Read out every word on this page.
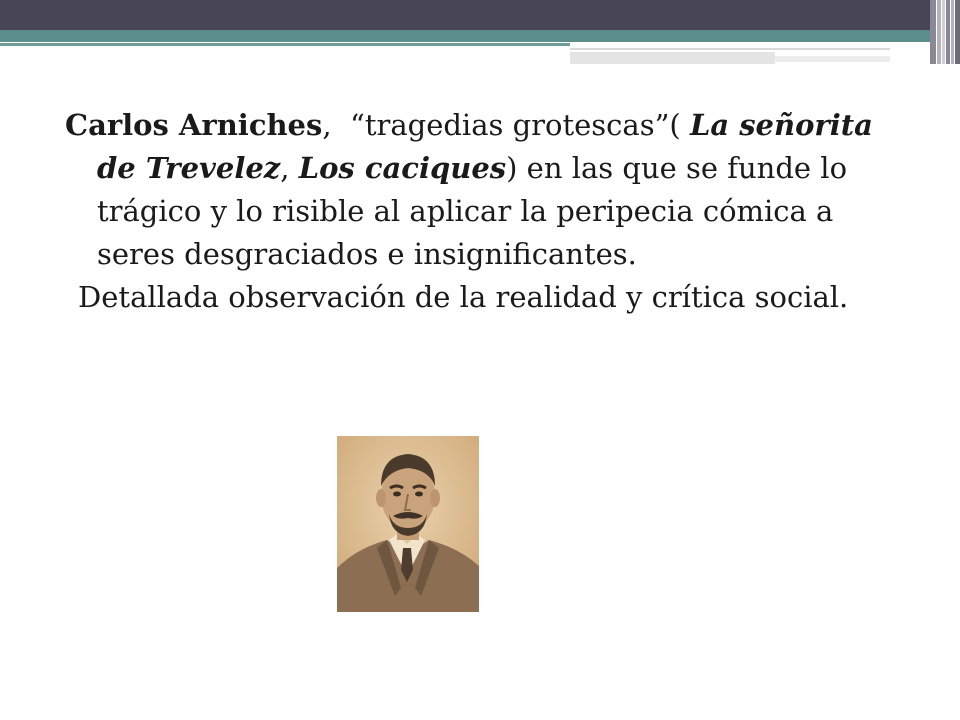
Carlos Arniches,  “tragedias grotescas”( La señorita de Trevelez, Los caciques) en las que se funde lo trágico y lo risible al aplicar la peripecia cómica a seres desgraciados e insignificantes.

Detallada observación de la realidad y crítica social.
